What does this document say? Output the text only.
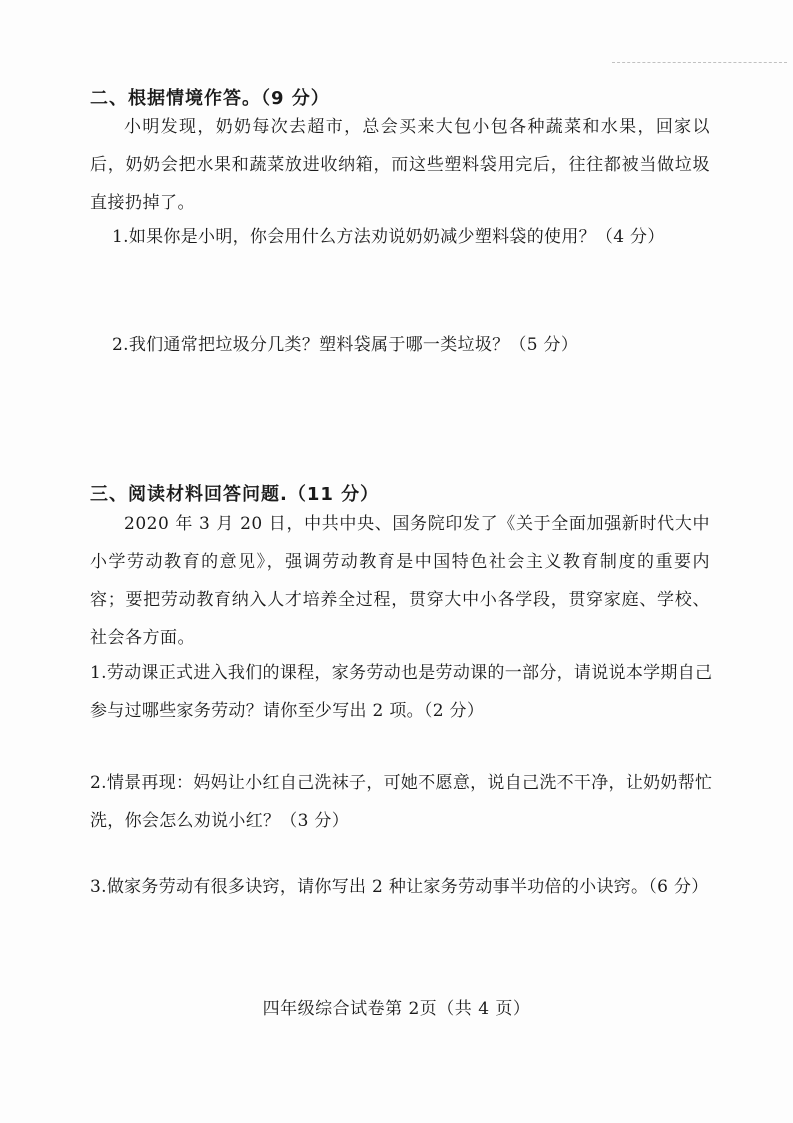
二、根据情境作答。（9 分）
小明发现，奶奶每次去超市，总会买来大包小包各种蔬菜和水果，回家以后，奶奶会把水果和蔬菜放进收纳箱，而这些塑料袋用完后，往往都被当做垃圾直接扔掉了。
1.如果你是小明，你会用什么方法劝说奶奶减少塑料袋的使用？（4 分）
2.我们通常把垃圾分几类？塑料袋属于哪一类垃圾？（5 分）
三、阅读材料回答问题.（11 分）
2020 年 3 月 20 日，中共中央、国务院印发了《关于全面加强新时代大中小学劳动教育的意见》，强调劳动教育是中国特色社会主义教育制度的重要内容；要把劳动教育纳入人才培养全过程，贯穿大中小各学段，贯穿家庭、学校、社会各方面。
1.劳动课正式进入我们的课程，家务劳动也是劳动课的一部分，请说说本学期自己参与过哪些家务劳动？请你至少写出 2 项。（2 分）
2.情景再现：妈妈让小红自己洗袜子，可她不愿意，说自己洗不干净，让奶奶帮忙洗，你会怎么劝说小红？（3 分）
3.做家务劳动有很多诀窍，请你写出 2 种让家务劳动事半功倍的小诀窍。（6 分）
四年级综合试卷第 2页（共 4 页）
